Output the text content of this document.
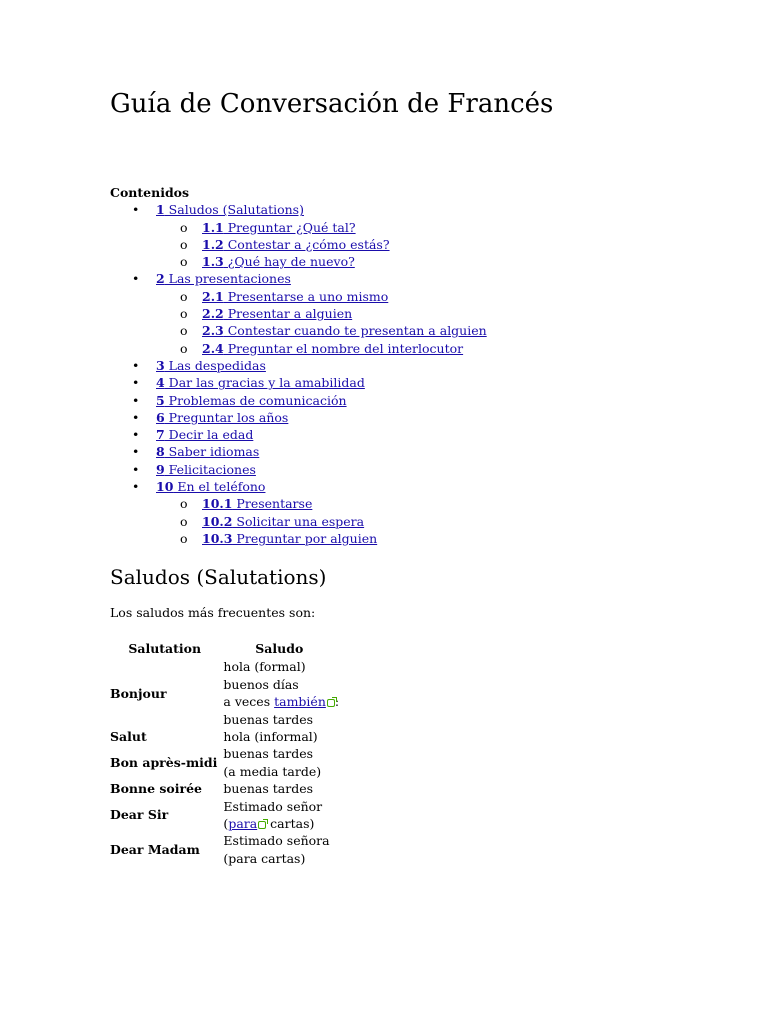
Guía de Conversación de Francés
Contenidos
• 1 Saludos (Salutations)
o 1.1 Preguntar ¿Qué tal?
o 1.2 Contestar a ¿cómo estás?
o 1.3 ¿Qué hay de nuevo?
• 2 Las presentaciones
o 2.1 Presentarse a uno mismo
o 2.2 Presentar a alguien
o 2.3 Contestar cuando te presentan a alguien
o 2.4 Preguntar el nombre del interlocutor
• 3 Las despedidas
• 4 Dar las gracias y la amabilidad
• 5 Problemas de comunicación
• 6 Preguntar los años
• 7 Decir la edad
• 8 Saber idiomas
• 9 Felicitaciones
• 10 En el teléfono
o 10.1 Presentarse
o 10.2 Solicitar una espera
o 10.3 Preguntar por alguien
Saludos (Salutations)

Los saludos más frecuentes son:

Salutation	Saludo
Bonjour	hola (formal)
buenos días
a veces también :
buenas tardes

Salut	hola (informal)

Bon après-midi	buenas tardes
(a media tarde)

Bonne soirée	buenas tardes

Dear Sir	Estimado señor
(para cartas)

Dear Madam	Estimado señora
(para cartas)
